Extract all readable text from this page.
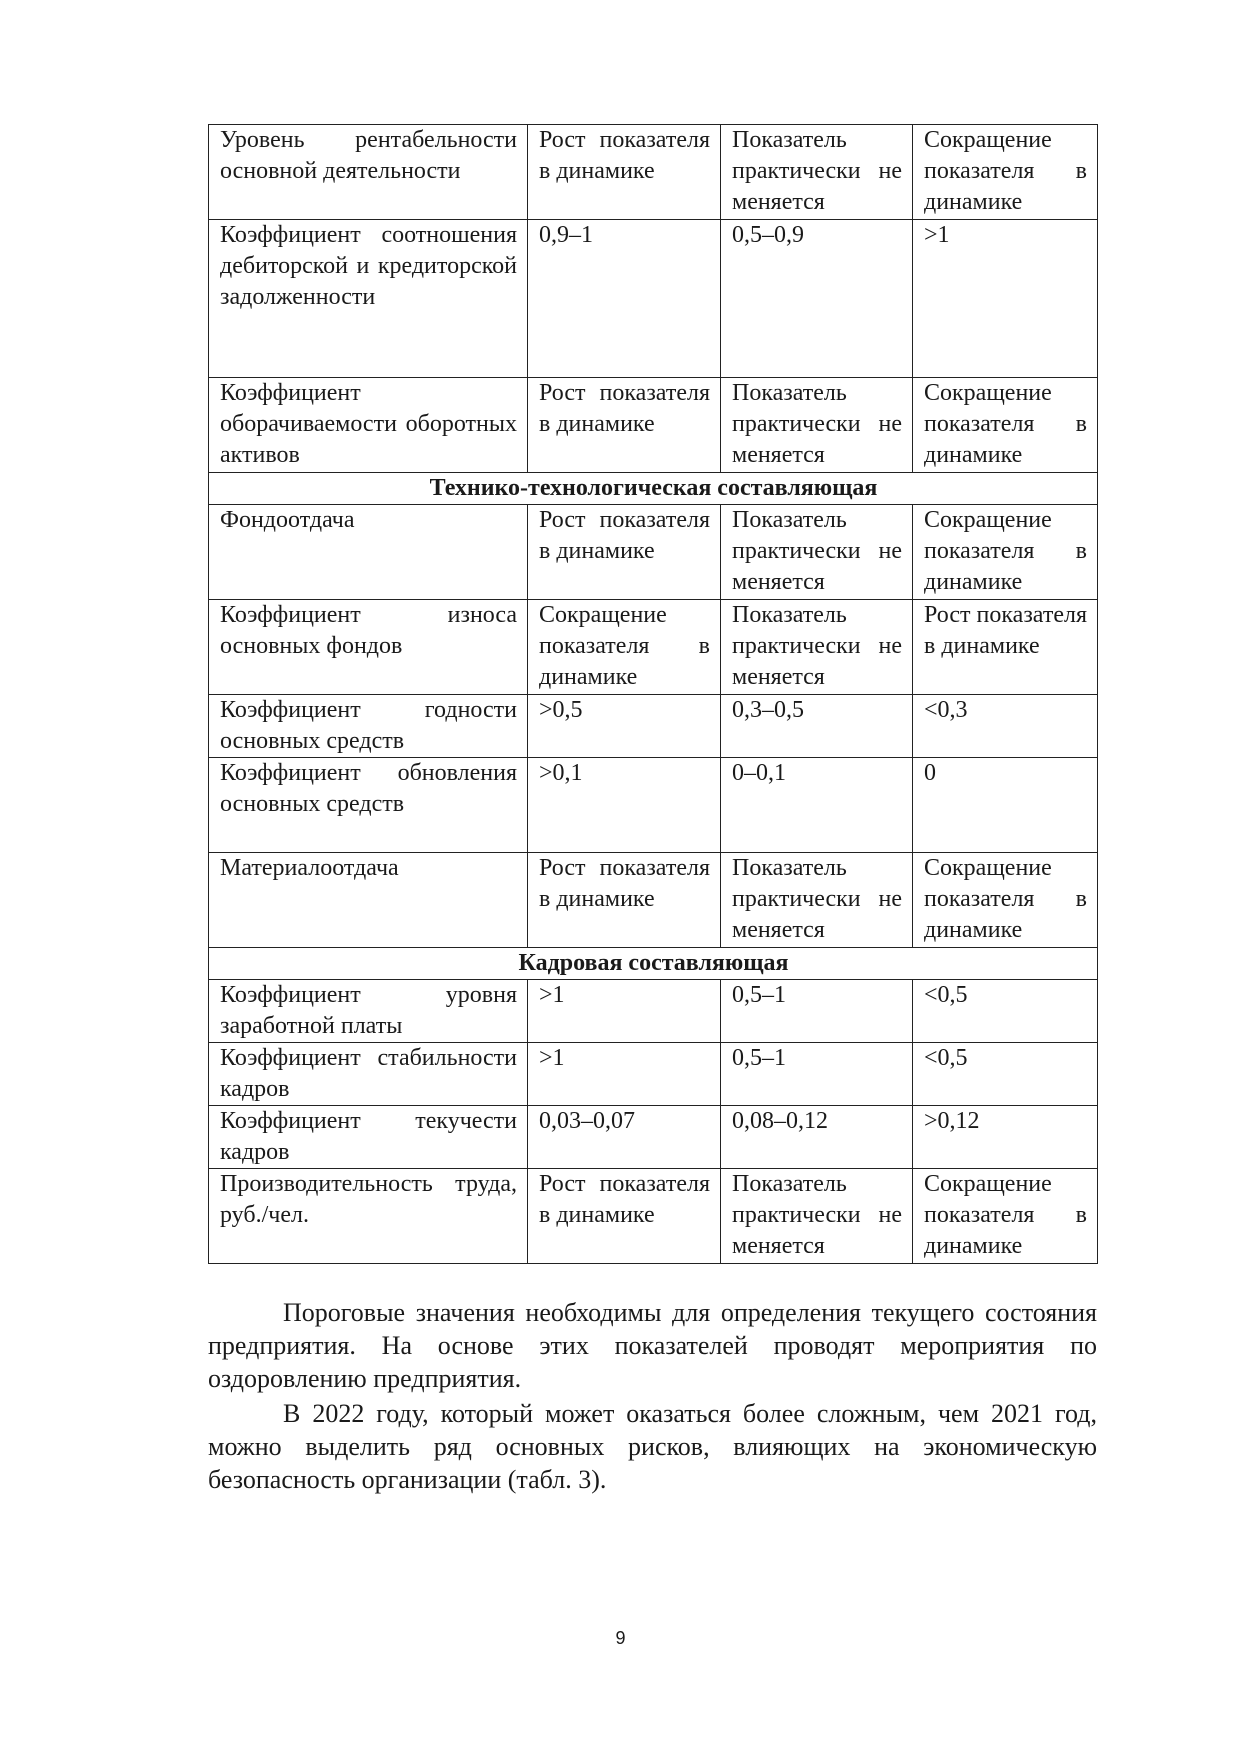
Уровень рентабельности основной деятельности	Рост показателя в динамике	Показатель практически не меняется	Сокращение показателя в динамике
Коэффициент соотношения дебиторской и кредиторской задолженности	0,9–1	0,5–0,9	>1
Коэффициент оборачиваемости оборотных активов	Рост показателя в динамике	Показатель практически не меняется	Сокращение показателя в динамике
Технико-технологическая составляющая			
Фондоотдача	Рост показателя в динамике	Показатель практически не меняется	Сокращение показателя в динамике
Коэффициент износа основных фондов	Сокращение показателя в динамике	Показатель практически не меняется	Рост показателя в динамике
Коэффициент годности основных средств	>0,5	0,3–0,5	<0,3
Коэффициент обновления основных средств	>0,1	0–0,1	0
Материалоотдача	Рост показателя в динамике	Показатель практически не меняется	Сокращение показателя в динамике
Кадровая составляющая			
Коэффициент уровня заработной платы	>1	0,5–1	<0,5
Коэффициент стабильности кадров	>1	0,5–1	<0,5
Коэффициент текучести кадров	0,03–0,07	0,08–0,12	>0,12
Производительность труда, руб./чел.	Рост показателя в динамике	Показатель практически не меняется	Сокращение показателя в динамике

Пороговые значения необходимы для определения текущего состояния предприятия. На основе этих показателей проводят мероприятия по оздоровлению предприятия.

В 2022 году, который может оказаться более сложным, чем 2021 год, можно выделить ряд основных рисков, влияющих на экономическую безопасность организации (табл. 3).

9
